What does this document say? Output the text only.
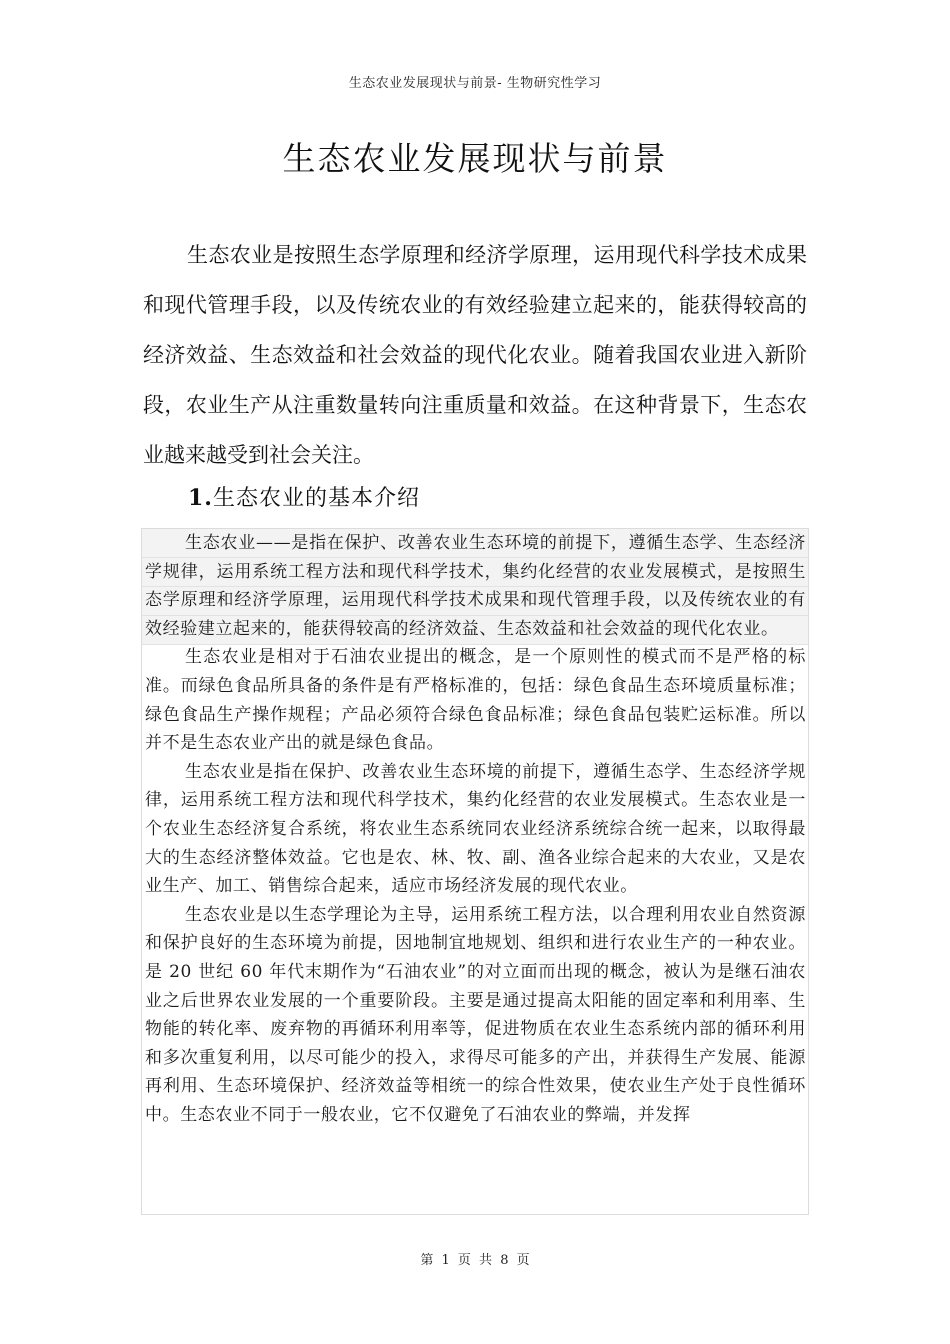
生态农业发展现状与前景- 生物研究性学习
生态农业发展现状与前景

生态农业是按照生态学原理和经济学原理，运用现代科学技术成果和现代管理手段，以及传统农业的有效经验建立起来的，能获得较高的经济效益、生态效益和社会效益的现代化农业。随着我国农业进入新阶段，农业生产从注重数量转向注重质量和效益。在这种背景下，生态农业越来越受到社会关注。

1.生态农业的基本介绍

生态农业——是指在保护、改善农业生态环境的前提下，遵循生态学、生态经济学规律，运用系统工程方法和现代科学技术，集约化经营的农业发展模式，是按照生态学原理和经济学原理，运用现代科学技术成果和现代管理手段，以及传统农业的有效经验建立起来的，能获得较高的经济效益、生态效益和社会效益的现代化农业。

生态农业是相对于石油农业提出的概念，是一个原则性的模式而不是严格的标准。而绿色食品所具备的条件是有严格标准的，包括：绿色食品生态环境质量标准；绿色食品生产操作规程；产品必须符合绿色食品标准；绿色食品包装贮运标准。所以并不是生态农业产出的就是绿色食品。

生态农业是指在保护、改善农业生态环境的前提下，遵循生态学、生态经济学规律，运用系统工程方法和现代科学技术，集约化经营的农业发展模式。生态农业是一个农业生态经济复合系统，将农业生态系统同农业经济系统综合统一起来，以取得最大的生态经济整体效益。它也是农、林、牧、副、渔各业综合起来的大农业，又是农业生产、加工、销售综合起来，适应市场经济发展的现代农业。

生态农业是以生态学理论为主导，运用系统工程方法，以合理利用农业自然资源和保护良好的生态环境为前提，因地制宜地规划、组织和进行农业生产的一种农业。是 20 世纪 60 年代末期作为“石油农业”的对立面而出现的概念，被认为是继石油农业之后世界农业发展的一个重要阶段。主要是通过提高太阳能的固定率和利用率、生物能的转化率、废弃物的再循环利用率等，促进物质在农业生态系统内部的循环利用和多次重复利用，以尽可能少的投入，求得尽可能多的产出，并获得生产发展、能源再利用、生态环境保护、经济效益等相统一的综合性效果，使农业生产处于良性循环中。生态农业不同于一般农业，它不仅避免了石油农业的弊端，并发挥

第 1 页 共 8 页
